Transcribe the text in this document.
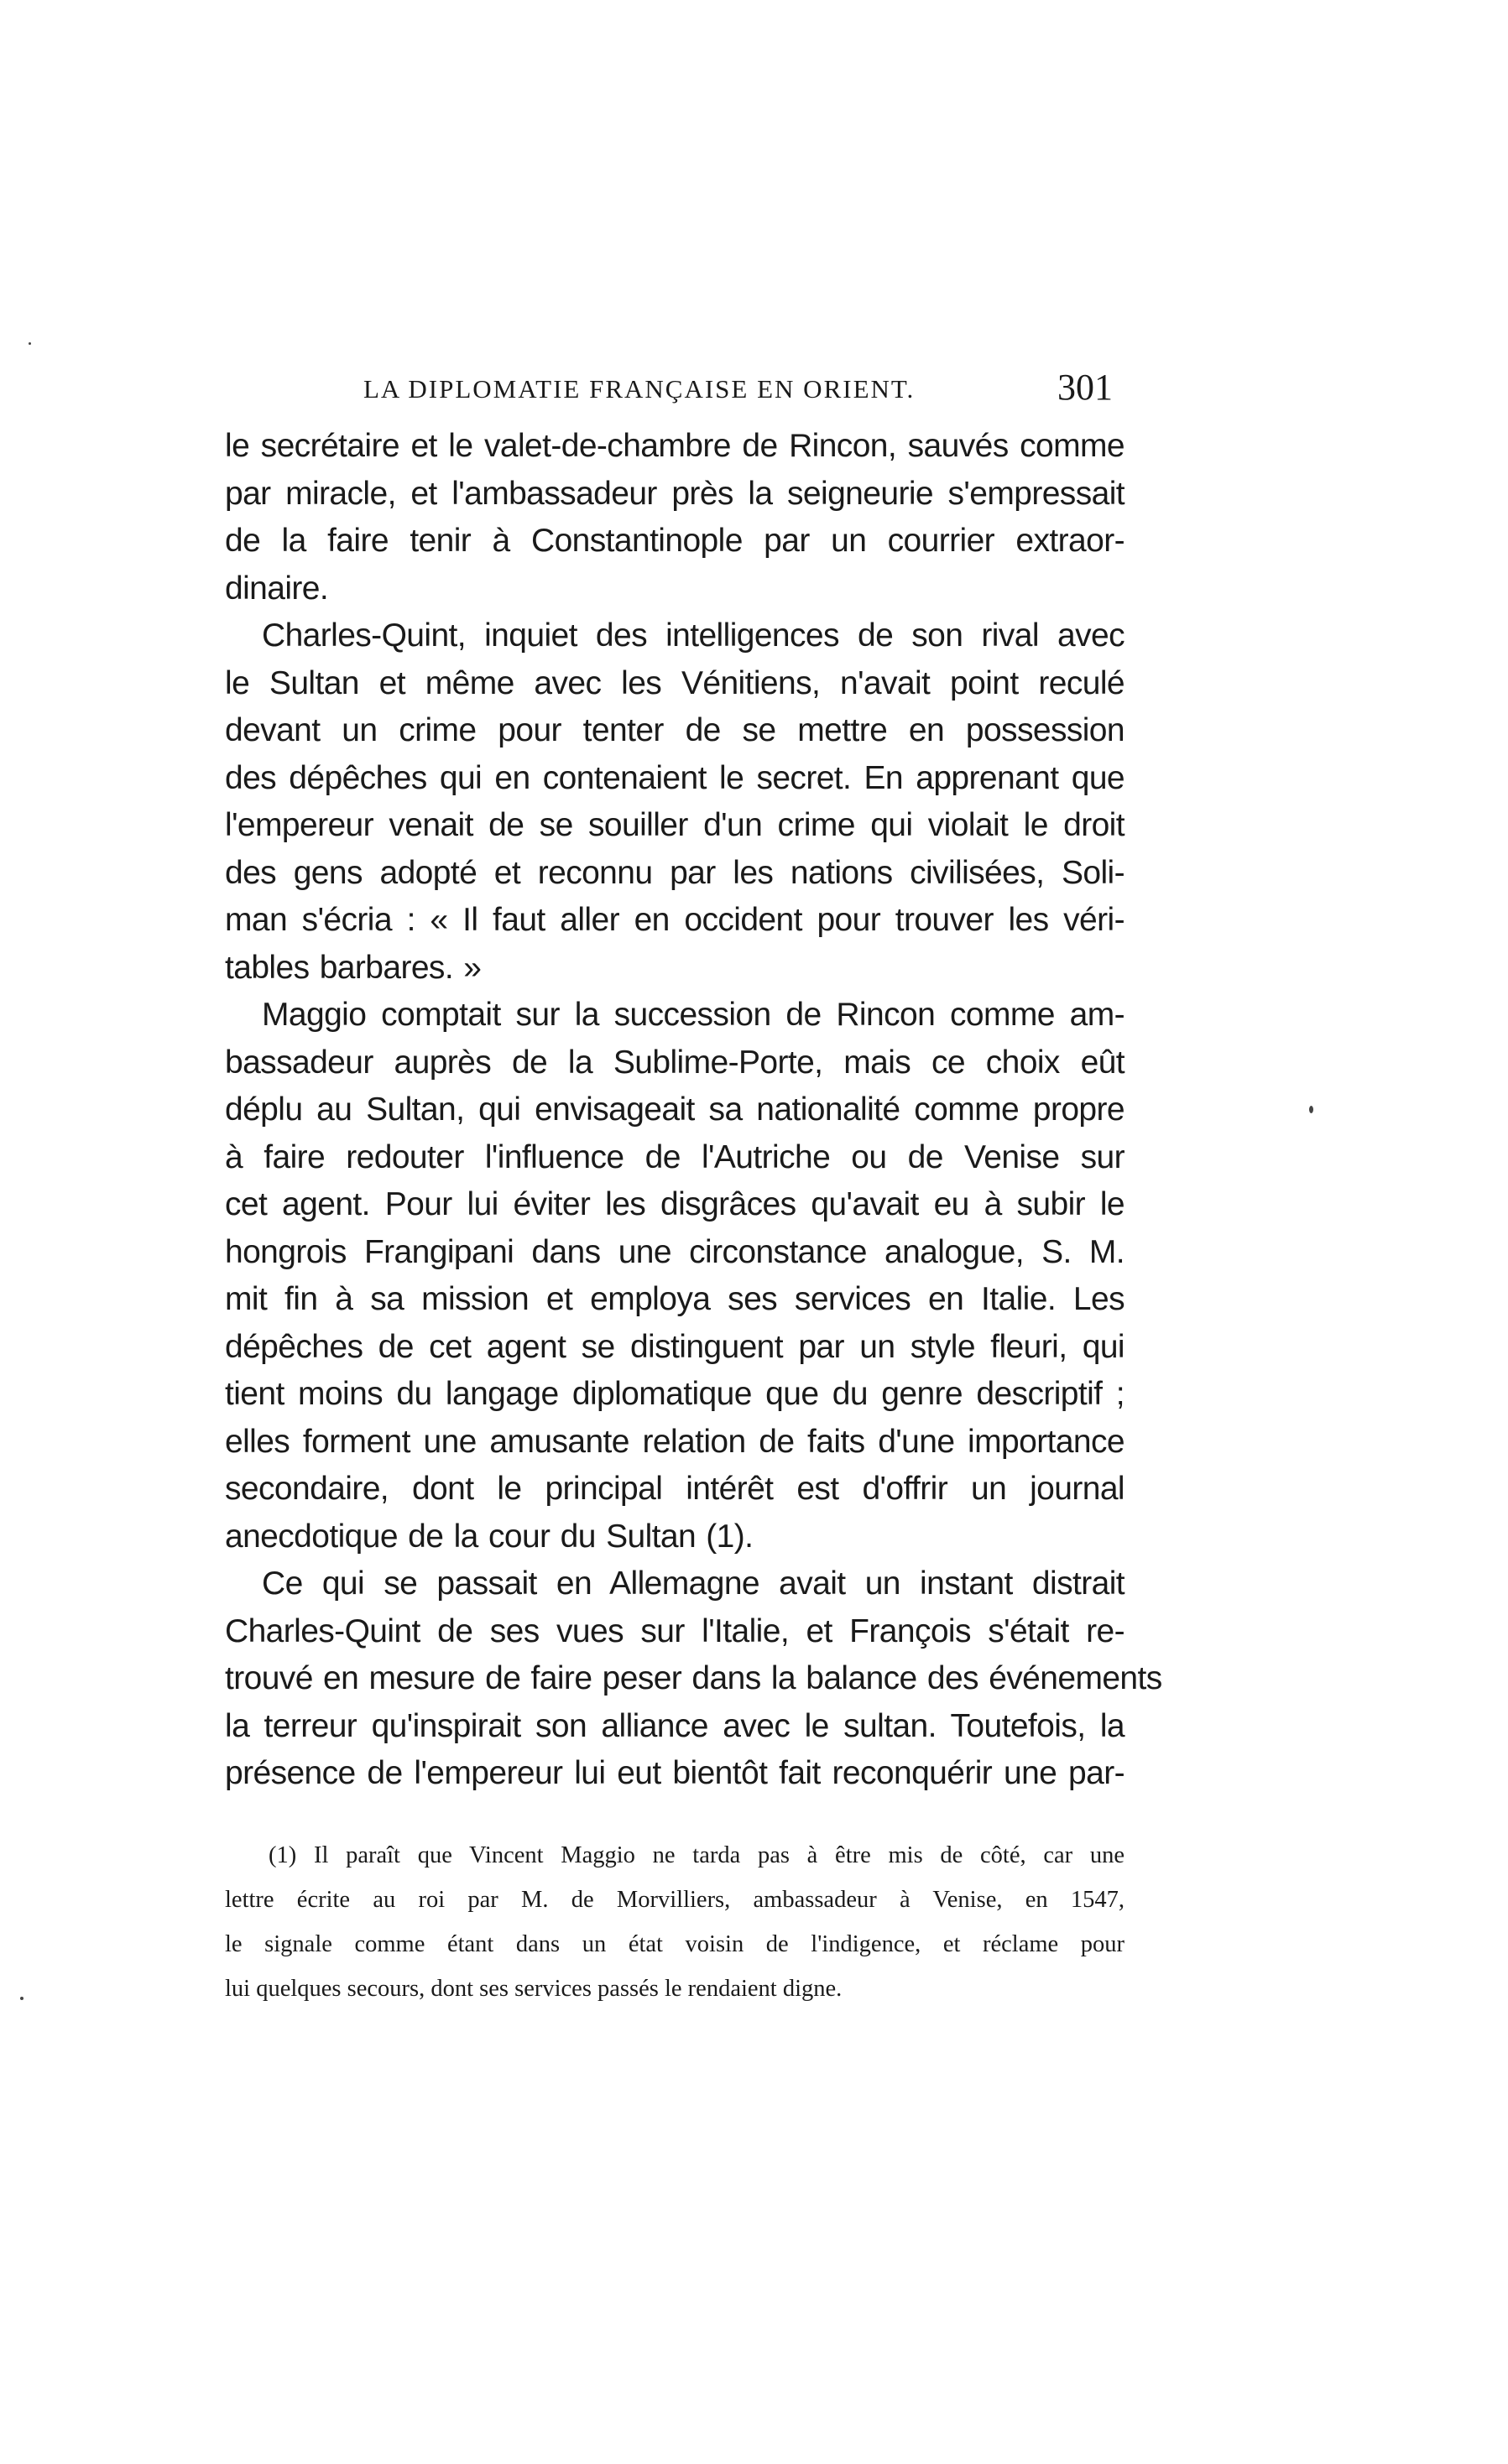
LA DIPLOMATIE FRANÇAISE EN ORIENT.	301
le secrétaire et le valet-de-chambre de Rincon, sauvés comme
par miracle, et l'ambassadeur près la seigneurie s'empressait
de la faire tenir à Constantinople par un courrier extraor-
dinaire.
Charles-Quint, inquiet des intelligences de son rival avec
le Sultan et même avec les Vénitiens, n'avait point reculé
devant un crime pour tenter de se mettre en possession
des dépêches qui en contenaient le secret. En apprenant que
l'empereur venait de se souiller d'un crime qui violait le droit
des gens adopté et reconnu par les nations civilisées, Soli-
man s'écria : « Il faut aller en occident pour trouver les véri-
tables barbares. »
Maggio comptait sur la succession de Rincon comme am-
bassadeur auprès de la Sublime-Porte, mais ce choix eût
déplu au Sultan, qui envisageait sa nationalité comme propre
à faire redouter l'influence de l'Autriche ou de Venise sur
cet agent. Pour lui éviter les disgrâces qu'avait eu à subir le
hongrois Frangipani dans une circonstance analogue, S. M.
mit fin à sa mission et employa ses services en Italie. Les
dépêches de cet agent se distinguent par un style fleuri, qui
tient moins du langage diplomatique que du genre descriptif ;
elles forment une amusante relation de faits d'une importance
secondaire, dont le principal intérêt est d'offrir un journal
anecdotique de la cour du Sultan (1).
Ce qui se passait en Allemagne avait un instant distrait
Charles-Quint de ses vues sur l'Italie, et François s'était re-
trouvé en mesure de faire peser dans la balance des événements
la terreur qu'inspirait son alliance avec le sultan. Toutefois, la
présence de l'empereur lui eut bientôt fait reconquérir une par-
(1) Il paraît que Vincent Maggio ne tarda pas à être mis de côté, car une
lettre écrite au roi par M. de Morvilliers, ambassadeur à Venise, en 1547,
le signale comme étant dans un état voisin de l'indigence, et réclame pour
lui quelques secours, dont ses services passés le rendaient digne.
